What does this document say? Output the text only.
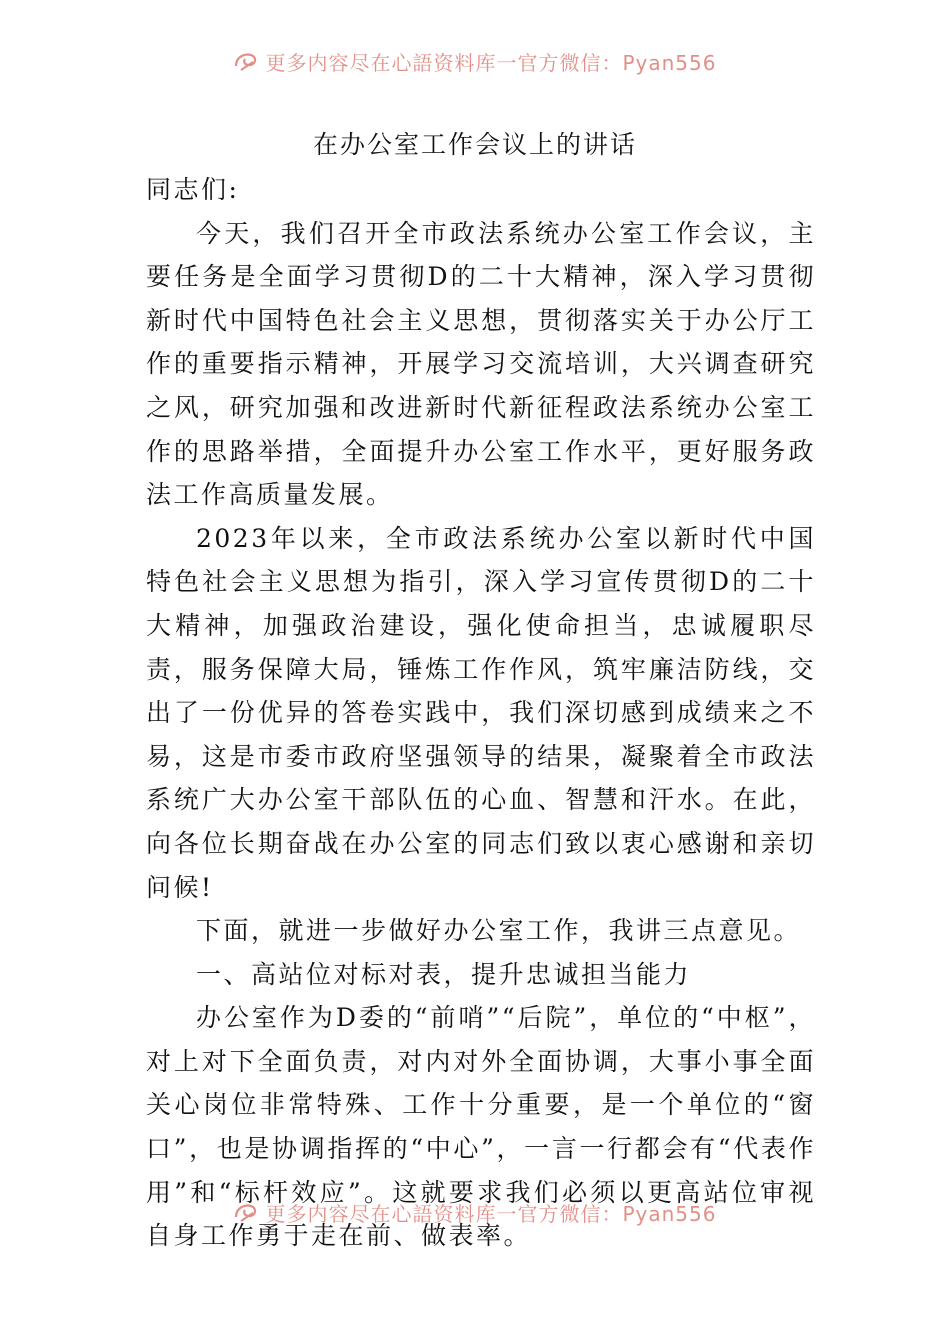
更多内容尽在心語资料库一官方微信：Pyan556
在办公室工作会议上的讲话

同志们:

今天，我们召开全市政法系统办公室工作会议，主要任务是全面学习贯彻D的二十大精神，深入学习贯彻新时代中国特色社会主义思想，贯彻落实关于办公厅工作的重要指示精神，开展学习交流培训，大兴调查研究之风，研究加强和改进新时代新征程政法系统办公室工作的思路举措，全面提升办公室工作水平，更好服务政法工作高质量发展。

2023年以来，全市政法系统办公室以新时代中国特色社会主义思想为指引，深入学习宣传贯彻D的二十大精神，加强政治建设，强化使命担当，忠诚履职尽责，服务保障大局，锤炼工作作风，筑牢廉洁防线，交出了一份优异的答卷实践中，我们深切感到成绩来之不易，这是市委市政府坚强领导的结果，凝聚着全市政法系统广大办公室干部队伍的心血、智慧和汗水。在此，向各位长期奋战在办公室的同志们致以衷心感谢和亲切问候!

下面，就进一步做好办公室工作，我讲三点意见。

一、高站位对标对表，提升忠诚担当能力

办公室作为D委的“前哨”“后院”，单位的“中枢”，对上对下全面负责，对内对外全面协调，大事小事全面关心岗位非常特殊、工作十分重要，是一个单位的“窗口”，也是协调指挥的“中心”，一言一行都会有“代表作用”和“标杆效应”。这就要求我们必须以更高站位审视自身工作勇于走在前、做表率。

更多内容尽在心語资料库一官方微信：Pyan556
